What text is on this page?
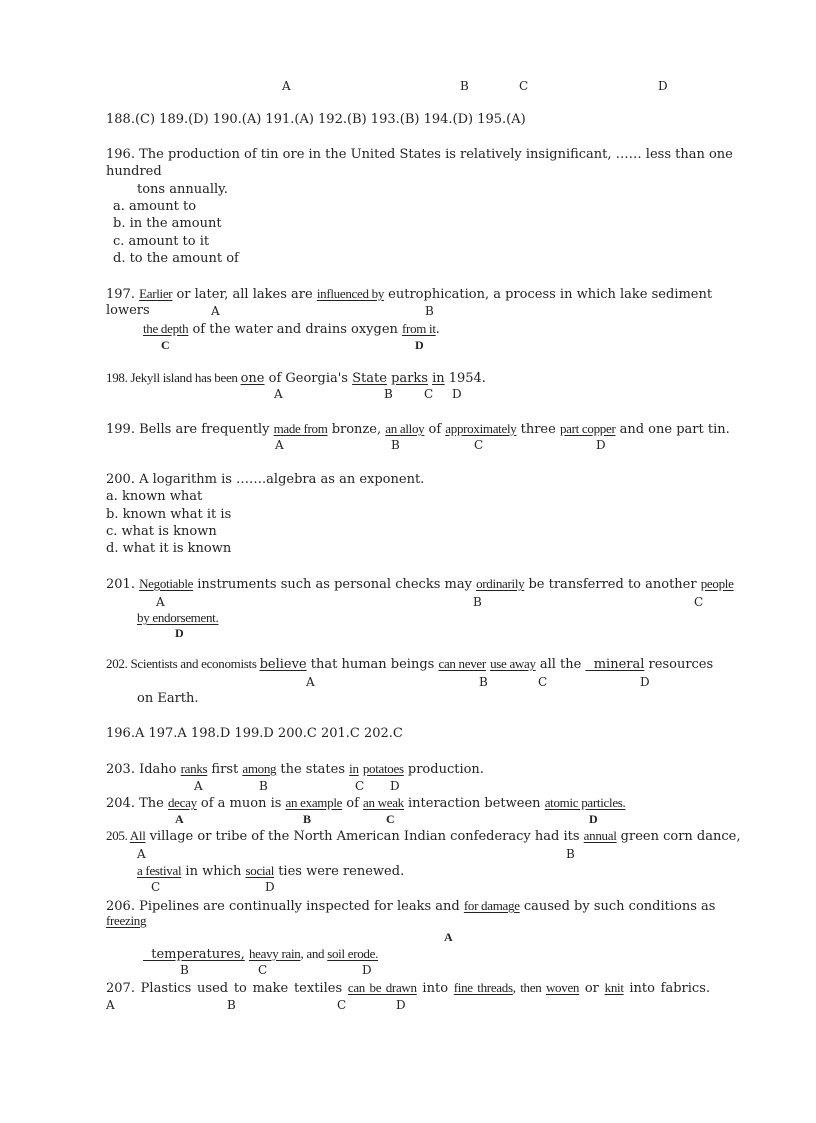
A	B	C	D
188.(C) 189.(D) 190.(A) 191.(A) 192.(B) 193.(B) 194.(D) 195.(A)
196. The production of tin ore in the United States is relatively insignificant, …… less than one
hundred
tons annually.
a. amount to
b. in the amount
c. amount to it
d. to the amount of
197. Earlier or later, all lakes are influenced by eutrophication, a process in which lake sediment
lowers	A	B
the depth of the water and drains oxygen from it.
C	D
198. Jekyll island has been one of Georgia's State parks in 1954.
A	B	C D
199. Bells are frequently made from bronze, an alloy of approximately three part copper and one part tin.
A	B	C	D
200. A logarithm is …….algebra as an exponent.
a. known what
b. known what it is
c. what is known
d. what it is known
201. Negotiable instruments such as personal checks may ordinarily be transferred to another people
A	B	C
by endorsement.
D
202. Scientists and economists believe that human beings can never use away all the   mineral resources
A	B	C	D
on Earth.
196.A 197.A 198.D 199.D 200.C 201.C 202.C
203. Idaho ranks first among the states in potatoes production.
A	B	C D
204. The decay of a muon is an example of an weak interaction between atomic particles.
A	B	C	D
205. All village or tribe of the North American Indian confederacy had its annual green corn dance,
A	B
a festival in which social ties were renewed.
C	D
206. Pipelines are continually inspected for leaks and for damage caused by such conditions as
freezing
A
temperatures, heavy rain, and soil erode.
B	C	D
207. Plastics used to make textiles can be drawn into fine threads, then woven or knit into fabrics.
A	B	C	D
